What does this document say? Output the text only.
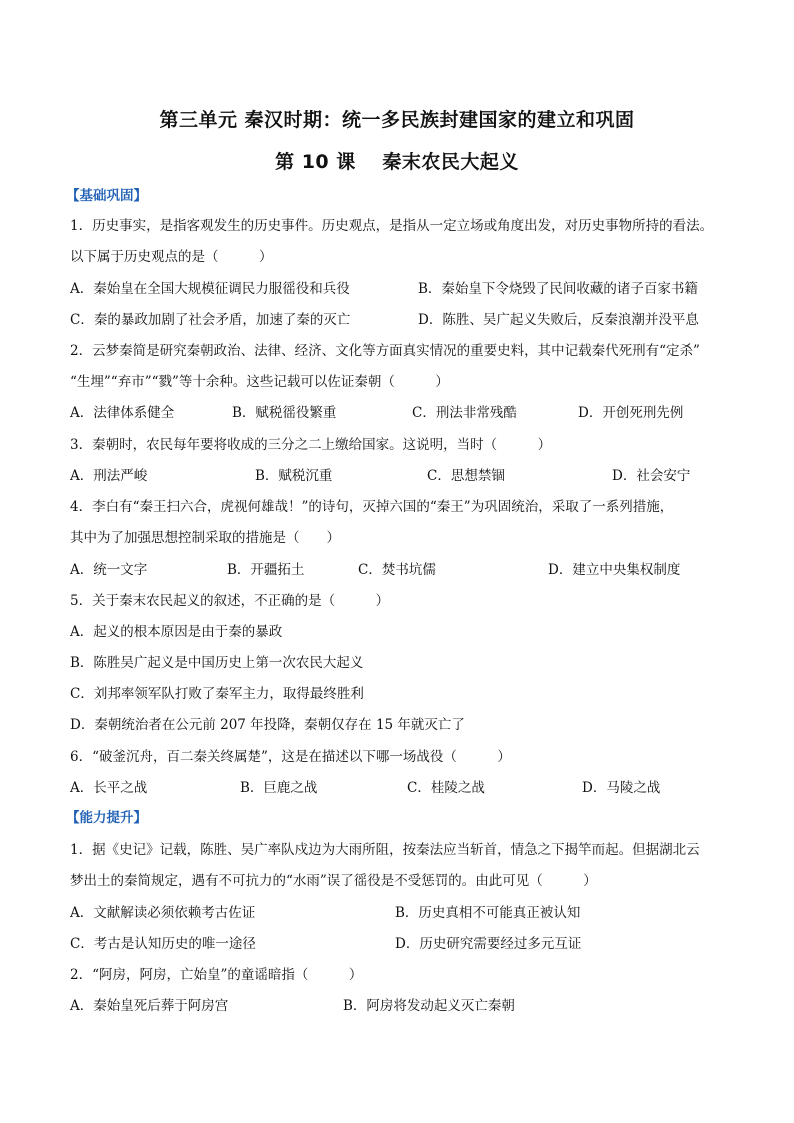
第三单元 秦汉时期：统一多民族封建国家的建立和巩固
第 10 课　 秦末农民大起义
【基础巩固】
1．历史事实，是指客观发生的历史事件。历史观点，是指从一定立场或角度出发，对历史事物所持的看法。
以下属于历史观点的是（　　　）
A．秦始皇在全国大规模征调民力服徭役和兵役	B．秦始皇下令烧毁了民间收藏的诸子百家书籍
C．秦的暴政加剧了社会矛盾，加速了秦的灭亡	D．陈胜、吴广起义失败后，反秦浪潮并没平息
2．云梦秦简是研究秦朝政治、法律、经济、文化等方面真实情况的重要史料，其中记载秦代死刑有“定杀”
“生埋”“弃市”“戮”等十余种。这些记载可以佐证秦朝（　　　）
A．法律体系健全	B．赋税徭役繁重	C．刑法非常残酷	D．开创死刑先例
3．秦朝时，农民每年要将收成的三分之二上缴给国家。这说明，当时（　　　）
A．刑法严峻	B．赋税沉重	C．思想禁锢	D．社会安宁
4．李白有“秦王扫六合，虎视何雄哉！”的诗句，灭掉六国的“秦王”为巩固统治，采取了一系列措施，
其中为了加强思想控制采取的措施是（　　）
A．统一文字	B．开疆拓土	C．焚书坑儒	D．建立中央集权制度
5．关于秦末农民起义的叙述，不正确的是（　　　）
A．起义的根本原因是由于秦的暴政
B．陈胜吴广起义是中国历史上第一次农民大起义
C．刘邦率领军队打败了秦军主力，取得最终胜利
D．秦朝统治者在公元前 207 年投降，秦朝仅存在 15 年就灭亡了
6．“破釜沉舟，百二秦关终属楚”，这是在描述以下哪一场战役（　　　）
A．长平之战	B．巨鹿之战	C．桂陵之战	D．马陵之战
【能力提升】
1．据《史记》记载，陈胜、吴广率队戍边为大雨所阻，按秦法应当斩首，情急之下揭竿而起。但据湖北云
梦出土的秦简规定，遇有不可抗力的“水雨”误了徭役是不受惩罚的。由此可见（　　　）
A．文献解读必须依赖考古佐证	B．历史真相不可能真正被认知
C．考古是认知历史的唯一途径	D．历史研究需要经过多元互证
2．“阿房，阿房，亡始皇”的童谣暗指（　　　）
A．秦始皇死后葬于阿房宫	B．阿房将发动起义灭亡秦朝
